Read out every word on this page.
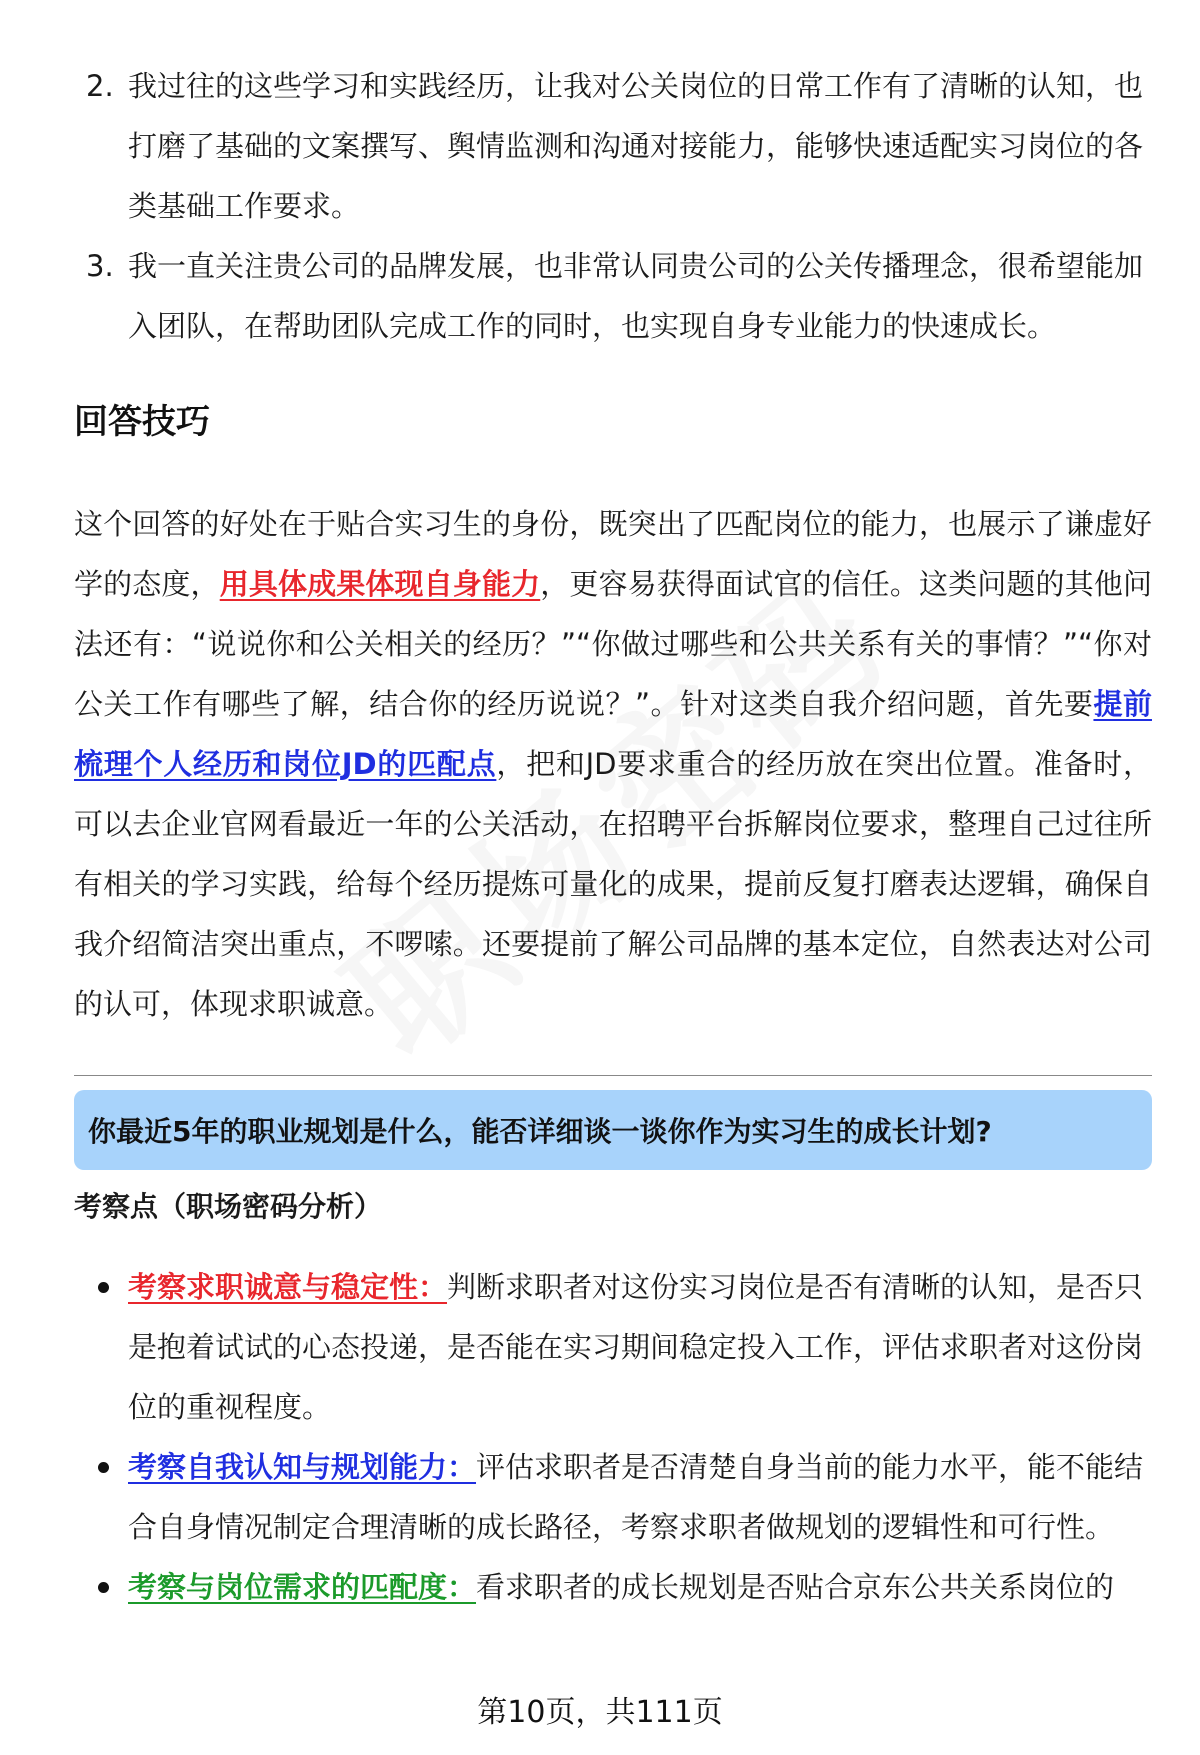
2. 我过往的这些学习和实践经历，让我对公关岗位的日常工作有了清晰的认知，也打磨了基础的文案撰写、舆情监测和沟通对接能力，能够快速适配实习岗位的各类基础工作要求。
3. 我一直关注贵公司的品牌发展，也非常认同贵公司的公关传播理念，很希望能加入团队，在帮助团队完成工作的同时，也实现自身专业能力的快速成长。
回答技巧

这个回答的好处在于贴合实习生的身份，既突出了匹配岗位的能力，也展示了谦虚好学的态度，用具体成果体现自身能力，更容易获得面试官的信任。这类问题的其他问法还有：“说说你和公关相关的经历？”“你做过哪些和公共关系有关的事情？”“你对公关工作有哪些了解，结合你的经历说说？”。针对这类自我介绍问题，首先要提前梳理个人经历和岗位JD的匹配点，把和JD要求重合的经历放在突出位置。准备时，可以去企业官网看最近一年的公关活动，在招聘平台拆解岗位要求，整理自己过往所有相关的学习实践，给每个经历提炼可量化的成果，提前反复打磨表达逻辑，确保自我介绍简洁突出重点，不啰嗦。还要提前了解公司品牌的基本定位，自然表达对公司的认可，体现求职诚意。

你最近5年的职业规划是什么，能否详细谈一谈你作为实习生的成长计划?
考察点（职场密码分析）
考察求职诚意与稳定性：判断求职者对这份实习岗位是否有清晰的认知，是否只是抱着试试的心态投递，是否能在实习期间稳定投入工作，评估求职者对这份岗位的重视程度。
考察自我认知与规划能力：评估求职者是否清楚自身当前的能力水平，能不能结合自身情况制定合理清晰的成长路径，考察求职者做规划的逻辑性和可行性。
考察与岗位需求的匹配度：看求职者的成长规划是否贴合京东公共关系岗位的
第10页，共111页
